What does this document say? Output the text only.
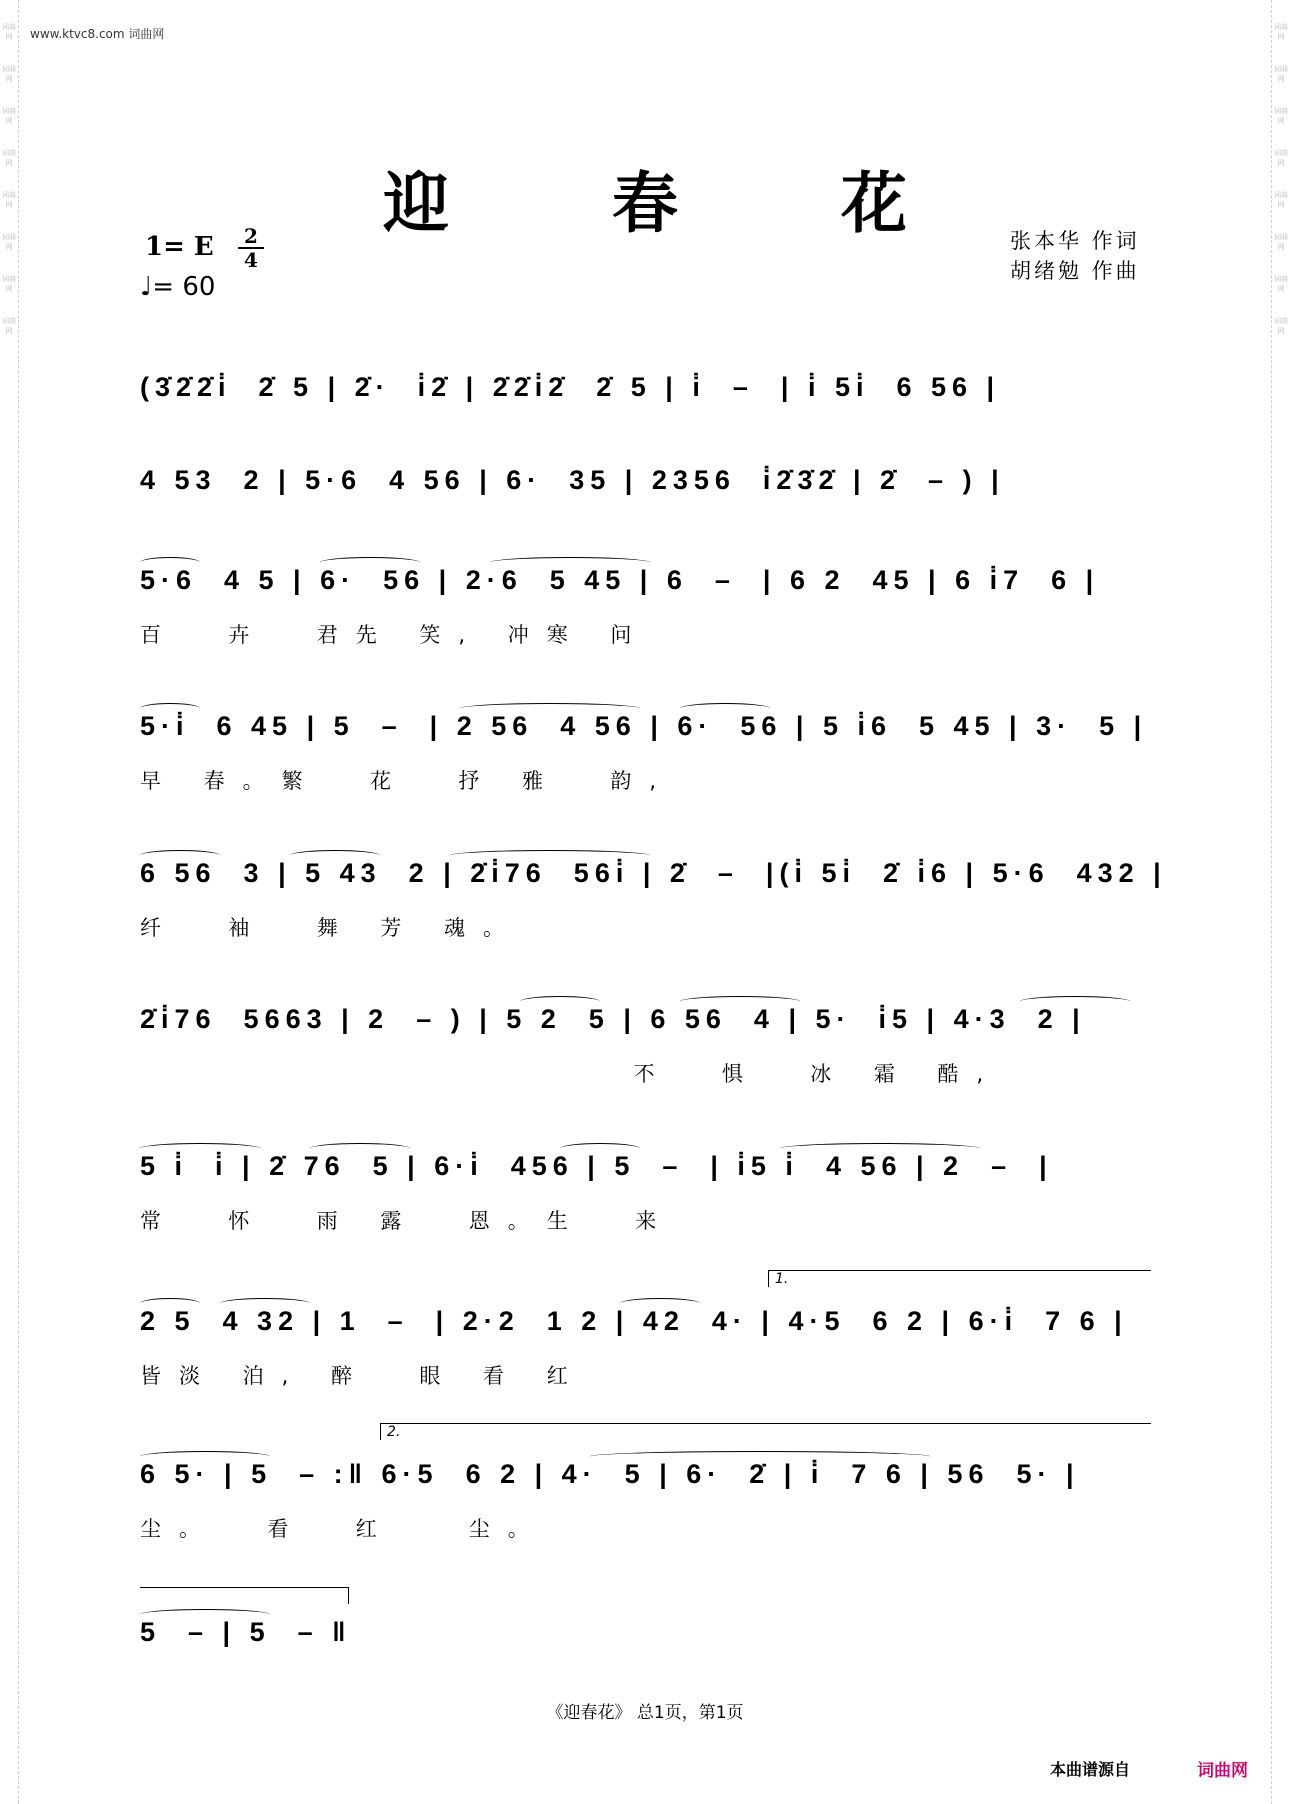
词曲网
词曲网
词曲网
词曲网
词曲网
词曲网
词曲网
词曲网
词曲网
词曲网
词曲网
词曲网
词曲网
词曲网
词曲网
词曲网
www.ktvc8.com 词曲网
迎 春 花
1= E	2
4
♩= 60
张本华 作词
胡绪勉 作曲
(3̇2̇2̇i̇  2̇ 5 | 2̇·  i̇2̇ | 2̇2̇i̇2̇  2̇ 5 | i̇  –  | i̇ 5i̇  6 56 |
4 53  2 | 5·6  4 56 | 6·  35 | 2356  i̇2̇3̇2̇ | 2̇  – ) |
5·6  4 5 | 6·  56 | 2·6  5 45 | 6  –  | 6 2  45 | 6 i̇7  6 |
百  卉  君先 笑, 冲寒 问
5·i̇  6 45 | 5  –  | 2 56  4 56 | 6·  56 | 5 i̇6  5 45 | 3·  5 |
早 春。繁  花  抒 雅  韵,
6 56  3 | 5 43  2 | 2̇i̇76  56i̇ | 2̇  –  |(i̇ 5i̇  2̇ i̇6 | 5·6  432 |
纤  袖  舞 芳 魂。
2̇i̇76  5663 | 2  – ) | 5 2  5 | 6 56  4 | 5·  i̇5 | 4·3  2 |
不  惧  冰 霜 酷,
5 i̇  i̇ | 2̇ 76  5 | 6·i̇  456 | 5  –  | i̇5 i̇  4 56 | 2  –  |
常  怀  雨 露  恩。生  来
1.
2 5  4 32 | 1  –  | 2·2  1 2 | 42  4· | 4·5  6 2 | 6·i̇  7 6 |
皆淡 泊, 醉  眼 看 红
2.
6 5· | 5  – :‖ 6·5  6 2 | 4·  5 | 6·  2̇ | i̇  7 6 | 56  5· |
尘。  看  红   尘。
5  – | 5  – ‖
《迎春花》 总1页，第1页
本曲谱源自	词曲网
